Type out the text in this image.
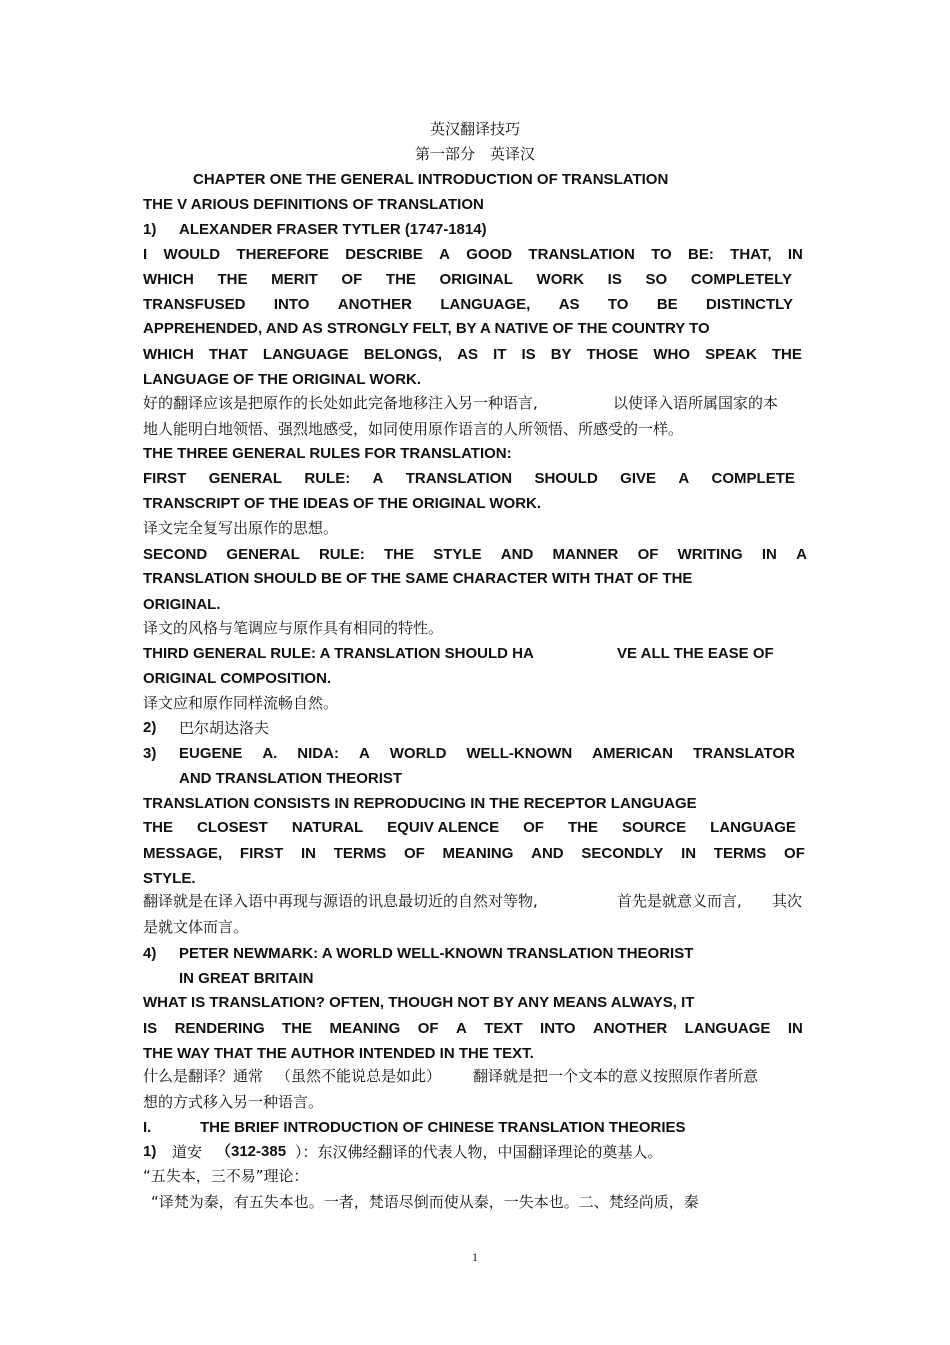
英汉翻译技巧
第一部分　英译汉
CHAPTER ONE THE GENERAL INTRODUCTION OF TRANSLATION
THE V ARIOUS DEFINITIONS OF TRANSLATION
1) ALEXANDER FRASER TYTLER (1747-1814)
I WOULD THEREFORE DESCRIBE A GOOD TRANSLATION TO BE: THAT, IN
WHICH THE MERIT OF THE ORIGINAL WORK IS SO COMPLETELY
TRANSFUSED INTO ANOTHER LANGUAGE, AS TO BE DISTINCTLY
APPREHENDED, AND AS STRONGLY FELT, BY A NATIVE OF THE COUNTRY TO
WHICH THAT LANGUAGE BELONGS, AS IT IS BY THOSE WHO SPEAK THE
LANGUAGE OF THE ORIGINAL WORK.
好的翻译应该是把原作的长处如此完备地移注入另一种语言,	以使译入语所属国家的本
地人能明白地领悟、强烈地感受，如同使用原作语言的人所领悟、所感受的一样。
THE THREE GENERAL RULES FOR TRANSLATION:
FIRST GENERAL RULE: A TRANSLATION SHOULD GIVE A COMPLETE
TRANSCRIPT OF THE IDEAS OF THE ORIGINAL WORK.
译文完全复写出原作的思想。
SECOND GENERAL RULE: THE STYLE AND MANNER OF WRITING IN A
TRANSLATION SHOULD BE OF THE SAME CHARACTER WITH THAT OF THE
ORIGINAL.
译文的风格与笔调应与原作具有相同的特性。
THIRD GENERAL RULE: A TRANSLATION SHOULD HA	VE ALL THE EASE OF
ORIGINAL COMPOSITION.
译文应和原作同样流畅自然。
2) 巴尔胡达洛夫
3) EUGENE A. NIDA: A WORLD WELL-KNOWN AMERICAN TRANSLATOR
AND TRANSLATION THEORIST
TRANSLATION CONSISTS IN REPRODUCING IN THE RECEPTOR LANGUAGE
THE CLOSEST NATURAL EQUIV ALENCE OF THE SOURCE LANGUAGE
MESSAGE, FIRST IN TERMS OF MEANING AND SECONDLY IN TERMS OF
STYLE.
翻译就是在译入语中再现与源语的讯息最切近的自然对等物,	首先是就意义而言, 其次
是就文体而言。
4) PETER NEWMARK: A WORLD WELL-KNOWN TRANSLATION THEORIST
IN GREAT BRITAIN
WHAT IS TRANSLATION? OFTEN, THOUGH NOT BY ANY MEANS ALWAYS, IT
IS RENDERING THE MEANING OF A TEXT INTO ANOTHER LANGUAGE IN
THE WAY THAT THE AUTHOR INTENDED IN THE TEXT.
什么是翻译？通常 （虽然不能说总是如此） 翻译就是把一个文本的意义按照原作者所意
想的方式移入另一种语言。
I.	THE BRIEF INTRODUCTION OF CHINESE TRANSLATION THEORIES
1) 道安 （312-385 ）：东汉佛经翻译的代表人物，中国翻译理论的奠基人。
“五失本，三不易”理论：
“译梵为秦，有五失本也。一者，梵语尽倒而使从秦，一失本也。二、梵经尚质，秦
1
